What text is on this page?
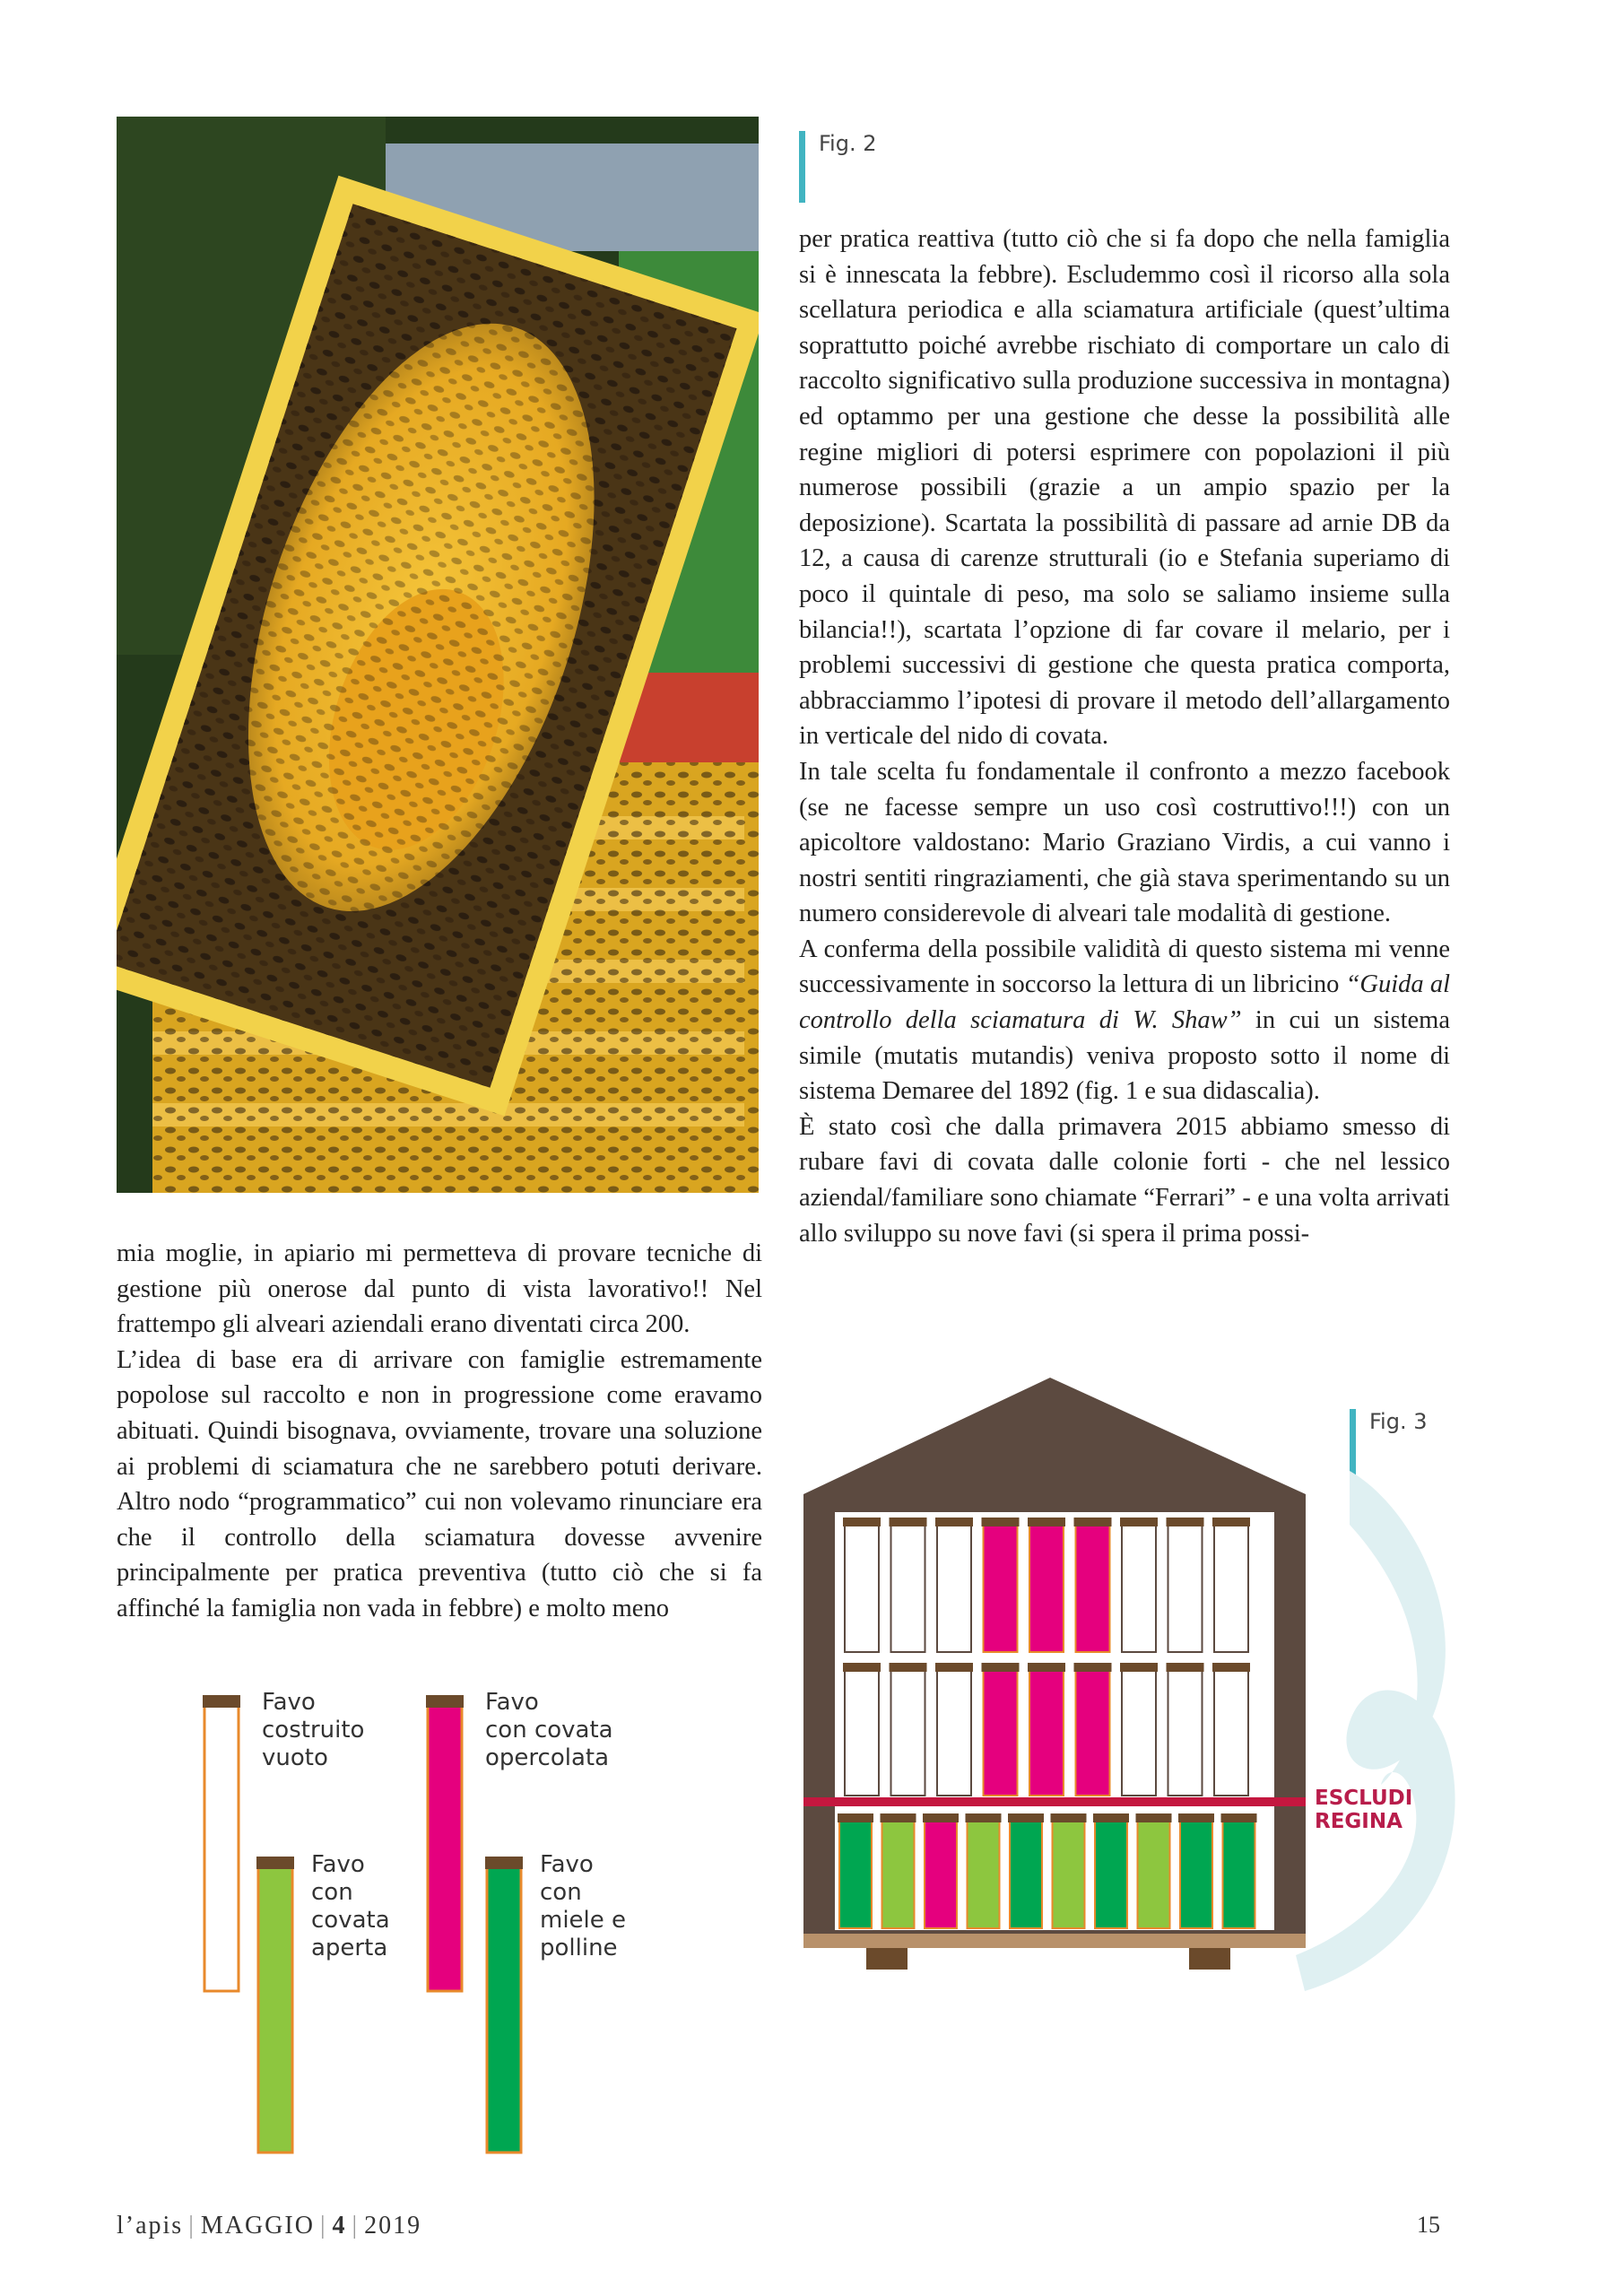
Fig. 2
Fig. 3

per pratica reattiva (tutto ciò che si fa dopo che nella famiglia si è innescata la febbre). Escludemmo così il ricorso alla sola scellatura periodica e alla sciamatura artificiale (quest’ultima soprattutto poiché avrebbe rischiato di comportare un calo di raccolto significativo sulla produzione successiva in montagna) ed optammo per una gestione che desse la possibilità alle regine migliori di potersi esprimere con popolazioni il più numerose possibili (grazie a un ampio spazio per la deposizione). Scartata la possibilità di passare ad arnie DB da 12, a causa di carenze strutturali (io e Stefania superiamo di poco il quintale di peso, ma solo se saliamo insieme sulla bilancia!!), scartata l’opzione di far covare il melario, per i problemi successivi di gestione che questa pratica comporta, abbracciammo l’ipotesi di provare il metodo dell’allargamento in verticale del nido di covata.

In tale scelta fu fondamentale il confronto a mezzo facebook (se ne facesse sempre un uso così costruttivo!!!) con un apicoltore valdostano: Mario Graziano Virdis, a cui vanno i nostri sentiti ringraziamenti, che già stava sperimentando su un numero considerevole di alveari tale modalità di gestione.

A conferma della possibile validità di questo sistema mi venne successivamente in soccorso la lettura di un libricino “Guida al controllo della sciamatura di W. Shaw” in cui un sistema simile (mutatis mutandis) veniva proposto sotto il nome di sistema Demaree del 1892 (fig. 1 e sua didascalia).

È stato così che dalla primavera 2015 abbiamo smesso di rubare favi di covata dalle colonie forti - che nel lessico aziendal/familiare sono chiamate “Ferrari” - e una volta arrivati allo sviluppo su nove favi (si spera il prima possi-

mia moglie, in apiario mi permetteva di provare tecniche di gestione più onerose dal punto di vista lavorativo!! Nel frattempo gli alveari aziendali erano diventati circa 200.

L’idea di base era di arrivare con famiglie estremamente popolose sul raccolto e non in progressione come eravamo abituati. Quindi bisognava, ovviamente, trovare una soluzione ai problemi di sciamatura che ne sarebbero potuti derivare. Altro nodo “programmatico” cui non volevamo rinunciare era che il controllo della sciamatura dovesse avvenire principalmente per pratica preventiva (tutto ciò che si fa affinché la famiglia non vada in febbre) e molto meno

Favo
costruito
vuoto
Favo
con covata
opercolata
Favo
con
covata
aperta
Favo
con
miele e
polline
ESCLUDI
REGINA
l’apis | MAGGIO | 4 | 2019	15
